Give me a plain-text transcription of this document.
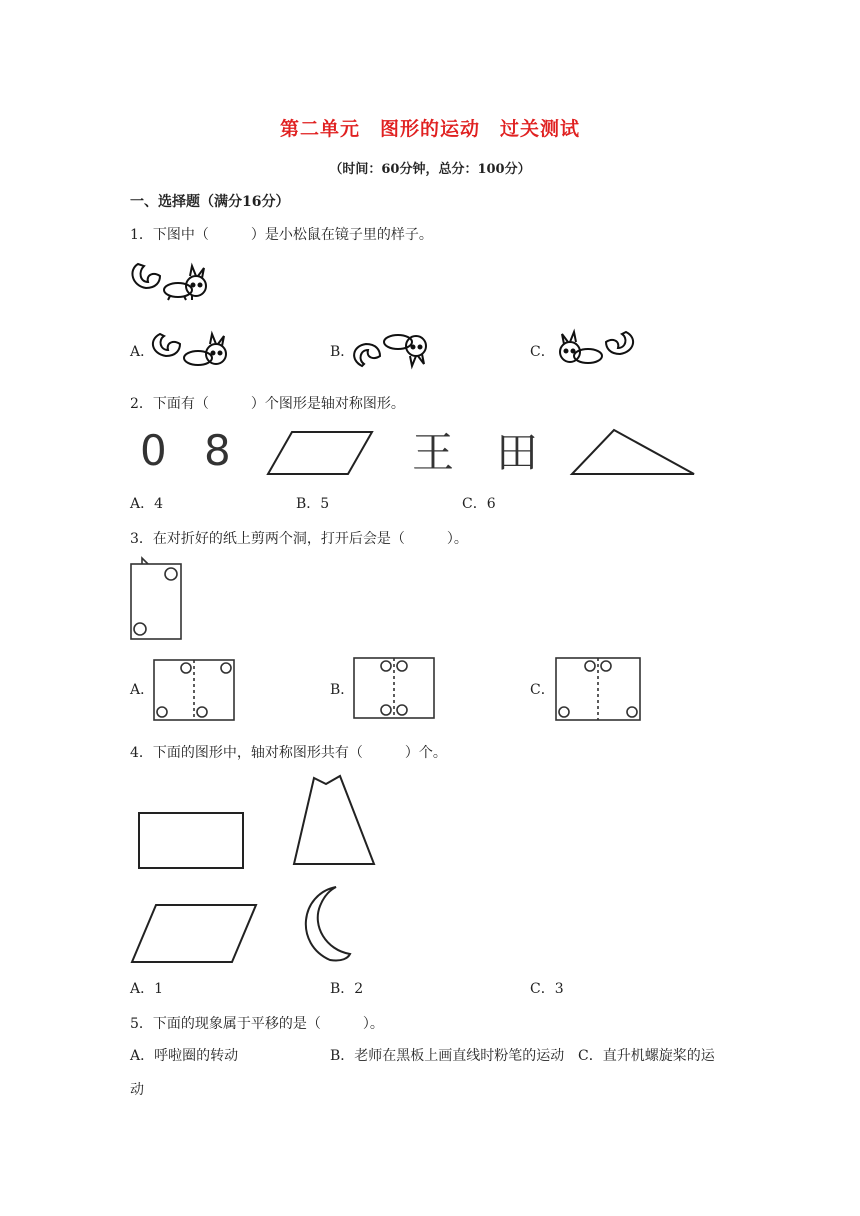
第二单元　图形的运动　过关测试
（时间：60分钟，总分：100分）
一、选择题（满分16分）
1．下图中（　　　）是小松鼠在镜子里的样子。
A．	B．	C．
2．下面有（　　　）个图形是轴对称图形。
0 8	王 田
A．4	B．5	C．6
3．在对折好的纸上剪两个洞，打开后会是（　　　）。
A．	B．	C．
4．下面的图形中，轴对称图形共有（　　　）个。
A．1	B．2	C．3
5．下面的现象属于平移的是（　　　）。
A．呼啦圈的转动	B．老师在黑板上画直线时粉笔的运动 C．直升机螺旋桨的运
动
